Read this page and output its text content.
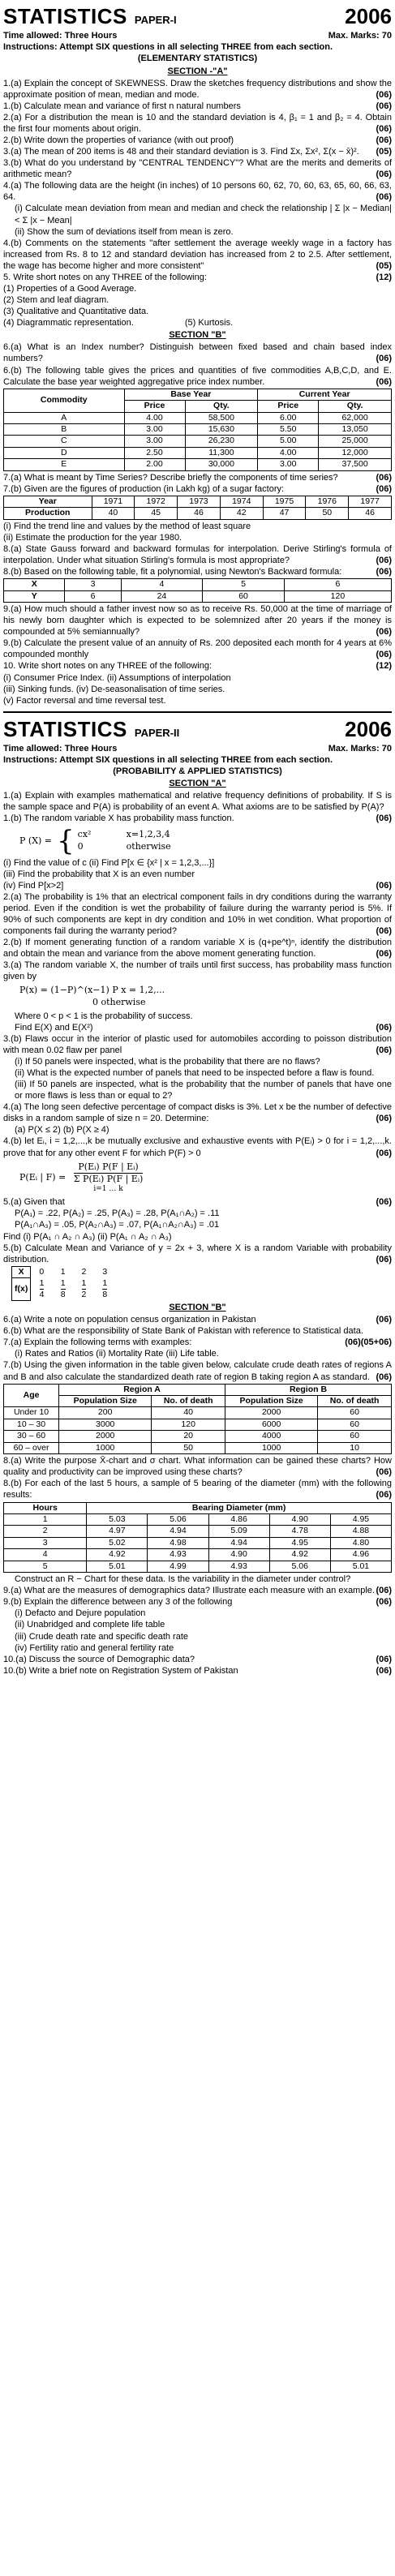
STATISTICS PAPER-I	2006
Time allowed: Three Hours	Max. Marks: 70
Instructions: Attempt SIX questions in all selecting THREE from each section.
(ELEMENTARY STATISTICS)
SECTION -"A"

1.(a) Explain the concept of SKEWNESS. Draw the sketches frequency distributions and show the approximate position of mean, median and mode.	(06)

1.(b) Calculate mean and variance of first n natural numbers	(06)

2.(a) For a distribution the mean is 10 and the standard deviation is 4, β₁ = 1 and β₂ = 4. Obtain the first four moments about origin.	(06)

2.(b) Write down the properties of variance (with out proof)	(06)

3.(a) The mean of 200 items is 48 and their standard deviation is 3. Find Σx, Σx², Σ(x − x̄)². (05)

3.(b) What do you understand by "CENTRAL TENDENCY"? What are the merits and demerits of arithmetic mean?	(06)

4.(a) The following data are the height (in inches) of 10 persons 60, 62, 70, 60, 63, 65, 60, 66, 63, 64.	(06)

(i) Calculate mean deviation from mean and median and check the relationship | Σ |x − Median| < Σ |x − Mean|

(ii) Show the sum of deviations itself from mean is zero.

4.(b) Comments on the statements "after settlement the average weekly wage in a factory has increased from Rs. 8 to 12 and standard deviation has increased from 2 to 2.5. After settlement, the wage has become higher and more consistent"	(05)

5. Write short notes on any THREE of the following:	(12)

(1) Properties of a Good Average.

(2) Stem and leaf diagram.

(3) Qualitative and Quantitative data.

(4) Diagrammatic representation.	(5) Kurtosis.

SECTION "B"

6.(a) What is an Index number? Distinguish between fixed based and chain based index numbers?	(06)

6.(b) The following table gives the prices and quantities of five commodities A,B,C,D, and E. Calculate the base year weighted aggregative price index number.	(06)

Commodity	Base Year		Current Year	
	Price	Qty.	Price	Qty.
A	4.00	58,500	6.00	62,000
B	3.00	15,630	5.50	13,050
C	3.00	26,230	5.00	25,000
D	2.50	11,300	4.00	12,000
E	2.00	30,000	3.00	37,500

7.(a) What is meant by Time Series? Describe briefly the components of time series?	(06)

7.(b) Given are the figures of production (in Lakh kg) of a sugar factory:	(06)

Year	1971	1972	1973	1974	1975	1976	1977
Production	40	45	46	42	47	50	46

(i) Find the trend line and values by the method of least square

(ii) Estimate the production for the year 1980.

8.(a) State Gauss forward and backward formulas for interpolation. Derive Stirling's formula of interpolation. Under what situation Stirling's formula is most appropriate?	(06)

8.(b) Based on the following table, fit a polynomial, using Newton's Backward formula:	(06)

X	3	4	5	6
Y	6	24	60	120

9.(a) How much should a father invest now so as to receive Rs. 50,000 at the time of marriage of his newly born daughter which is expected to be solemnized after 20 years if the money is compounded at 5% semiannually?	(06)

9.(b) Calculate the present value of an annuity of Rs. 200 deposited each month for 4 years at 6% compounded monthly	(06)

10. Write short notes on any THREE of the following:	(12)

(i) Consumer Price Index. (ii) Assumptions of interpolation

(iii) Sinking funds. (iv) De-seasonalisation of time series.

(v) Factor reversal and time reversal test.

STATISTICS PAPER-II	2006
Time allowed: Three Hours	Max. Marks: 70
Instructions: Attempt SIX questions in all selecting THREE from each section.
(PROBABILITY & APPLIED STATISTICS)
SECTION "A"

1.(a) Explain with examples mathematical and relative frequency definitions of probability. If S is the sample space and P(A) is probability of an event A. What axioms are to be satisfied by P(A)?
(06)

1.(b) The random variable X has probability mass function.

P (X) = { cx²	x=1,2,3,4
0	otherwise

(i) Find the value of c (ii) Find P[x ∈ {x² | x = 1,2,3,...}]

(iii) Find the probability that X is an even number

(iv) Find P[x>2]	(06)

2.(a) The probability is 1% that an electrical component fails in dry conditions during the warranty period. Even if the condition is wet the probability of failure during the warranty period is 5%. If 90% of such components are kept in dry condition and 10% in wet condition. What proportion of components fail during the warranty period?	(06)

2.(b) If moment generating function of a random variable X is (q+pe^t)ⁿ, identify the distribution and obtain the mean and variance from the above moment generating function.	(06)

3.(a) The random variable X, the number of trails until first success, has probability mass function given by

P(x) = (1−P)^(x−1) P x = 1,2,...
0 otherwise

Where 0 < p < 1 is the probability of success.

Find E(X) and E(X²)	(06)

3.(b) Flaws occur in the interior of plastic used for automobiles according to poisson distribution with mean 0.02 flaw per panel	(06)

(i) If 50 panels were inspected, what is the probability that there are no flaws?

(ii) What is the expected number of panels that need to be inspected before a flaw is found.

(iii) If 50 panels are inspected, what is the probability that the number of panels that have one or more flaws is less than or equal to 2?

4.(a) The long seen defective percentage of compact disks is 3%. Let x be the number of defective disks in a random sample of size n = 20. Determine:	(06)

(a) P(X ≤ 2) (b) P(X ≥ 4)

4.(b) let Eᵢ, i = 1,2,...,k be mutually exclusive and exhaustive events with P(Eᵢ) > 0 for i = 1,2,...,k. prove that for any other event F for which P(F) > 0	(06)

P(Eᵢ | F) =
P(Eᵢ) P(F | Eᵢ)
Σ P(Eᵢ) P(F | Eᵢ)
i=1 … k

5.(a) Given that	(06)

P(A₁) = .22, P(A₂) = .25, P(A₃) = .28, P(A₁∩A₂) = .11

P(A₁∩A₃) = .05, P(A₂∩A₃) = .07, P(A₁∩A₂∩A₃) = .01

Find (i) P(A₁ ∩ A₂ ∩ A₃) (ii) P(A₁ ∩ A₂ ∩ A₃)

5.(b) Calculate Mean and Variance of y = 2x + 3, where X is a random Variable with probability distribution.	(06)

X	0	1	2	3
f(x)	$\frac{1}{4}$	$\frac{1}{8}$	$\frac{1}{2}$	$\frac{1}{8}$
SECTION "B"

6.(a) Write a note on population census organization in Pakistan	(06)

6.(b) What are the responsibility of State Bank of Pakistan with reference to Statistical data.
(05+06)

7.(a) Explain the following terms with examples:	(06)

(i) Rates and Ratios (ii) Mortality Rate (iii) Life table.

7.(b) Using the given information in the table given below, calculate crude death rates of regions A and B and also calculate the standardized death rate of region B taking region A as standard. (06)

Age	Region A		Region B	
	Population Size	No. of death	Population Size	No. of death
Under 10	200	40	2000	60
10 – 30	3000	120	6000	60
30 – 60	2000	20	4000	60
60 – over	1000	50	1000	10

8.(a) Write the purpose X̄-chart and σ chart. What information can be gained these charts? How quality and productivity can be improved using these charts?	(06)

8.(b) For each of the last 5 hours, a sample of 5 bearing of the diameter (mm) with the following results:	(06)

Hours	Bearing Diameter (mm)				
1	5.03	5.06	4.86	4.90	4.95
2	4.97	4.94	5.09	4.78	4.88
3	5.02	4.98	4.94	4.95	4.80
4	4.92	4.93	4.90	4.92	4.96
5	5.01	4.99	4.93	5.06	5.01

Construct an R − Chart for these data. Is the variability in the diameter under control?

9.(a) What are the measures of demographics data? Illustrate each measure with an example. (06)

9.(b) Explain the difference between any 3 of the following	(06)

(i) Defacto and Dejure population

(ii) Unabridged and complete life table

(iii) Crude death rate and specific death rate

(iv) Fertility ratio and general fertility rate

10.(a) Discuss the source of Demographic data?	(06)

10.(b) Write a brief note on Registration System of Pakistan	(06)
